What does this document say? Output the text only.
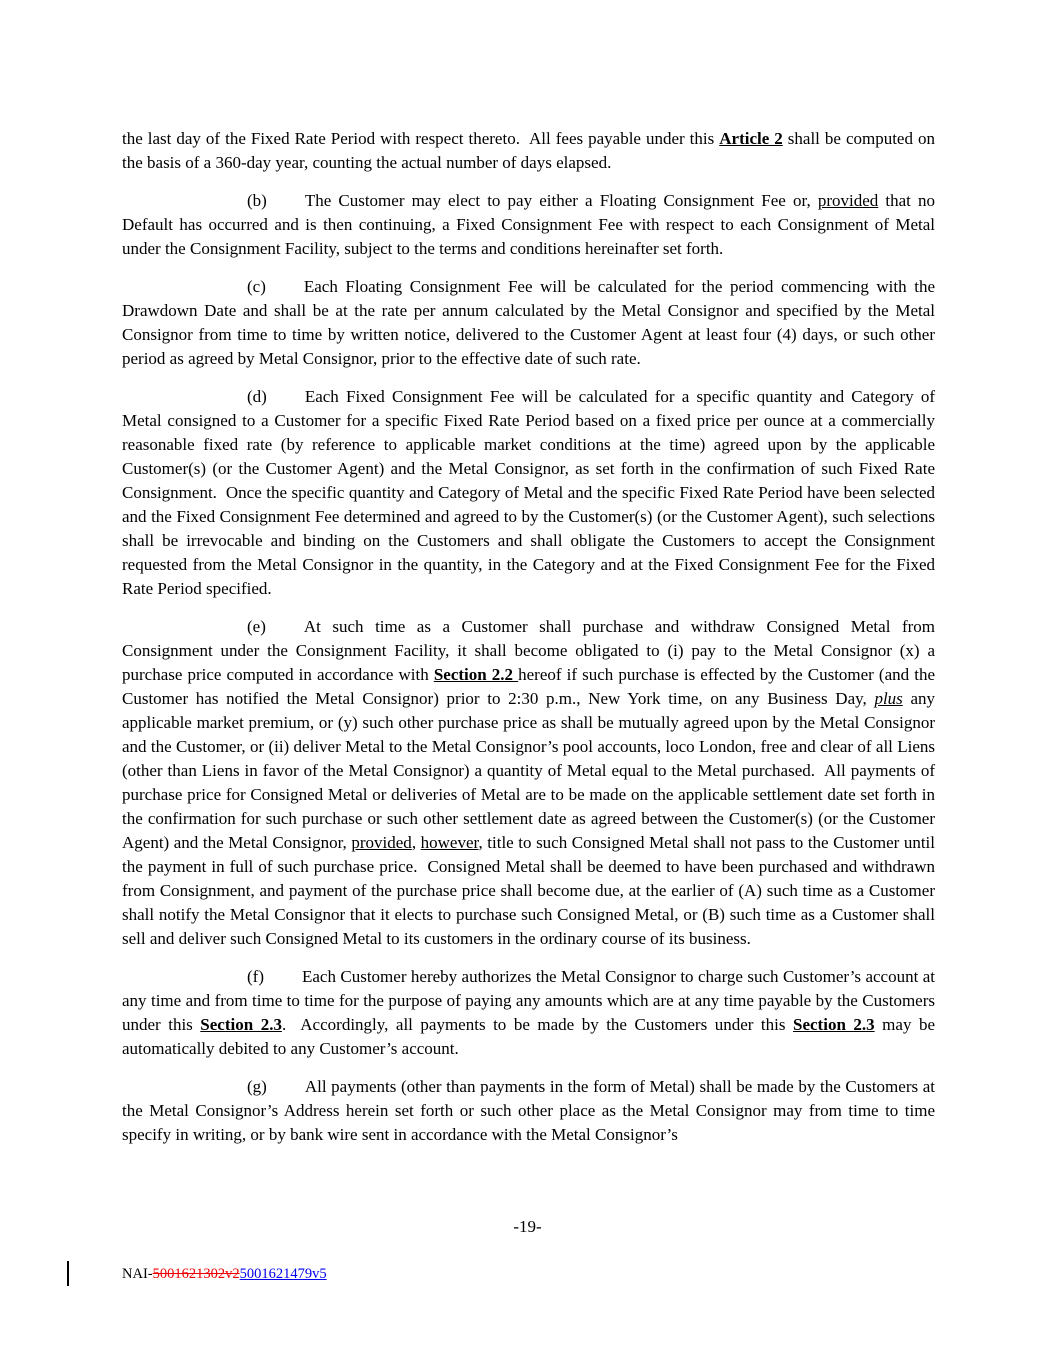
the last day of the Fixed Rate Period with respect thereto.  All fees payable under this Article 2 shall be computed on the basis of a 360-day year, counting the actual number of days elapsed.

(b) The Customer may elect to pay either a Floating Consignment Fee or, provided that no Default has occurred and is then continuing, a Fixed Consignment Fee with respect to each Consignment of Metal under the Consignment Facility, subject to the terms and conditions hereinafter set forth.

(c) Each Floating Consignment Fee will be calculated for the period commencing with the Drawdown Date and shall be at the rate per annum calculated by the Metal Consignor and specified by the Metal Consignor from time to time by written notice, delivered to the Customer Agent at least four (4) days, or such other period as agreed by Metal Consignor, prior to the effective date of such rate.

(d) Each Fixed Consignment Fee will be calculated for a specific quantity and Category of Metal consigned to a Customer for a specific Fixed Rate Period based on a fixed price per ounce at a commercially reasonable fixed rate (by reference to applicable market conditions at the time) agreed upon by the applicable Customer(s) (or the Customer Agent) and the Metal Consignor, as set forth in the confirmation of such Fixed Rate Consignment.  Once the specific quantity and Category of Metal and the specific Fixed Rate Period have been selected and the Fixed Consignment Fee determined and agreed to by the Customer(s) (or the Customer Agent), such selections shall be irrevocable and binding on the Customers and shall obligate the Customers to accept the Consignment requested from the Metal Consignor in the quantity, in the Category and at the Fixed Consignment Fee for the Fixed Rate Period specified.

(e) At such time as a Customer shall purchase and withdraw Consigned Metal from Consignment under the Consignment Facility, it shall become obligated to (i) pay to the Metal Consignor (x) a purchase price computed in accordance with Section 2.2 hereof if such purchase is effected by the Customer (and the Customer has notified the Metal Consignor) prior to 2:30 p.m., New York time, on any Business Day, plus any applicable market premium, or (y) such other purchase price as shall be mutually agreed upon by the Metal Consignor and the Customer, or (ii) deliver Metal to the Metal Consignor’s pool accounts, loco London, free and clear of all Liens (other than Liens in favor of the Metal Consignor) a quantity of Metal equal to the Metal purchased.  All payments of purchase price for Consigned Metal or deliveries of Metal are to be made on the applicable settlement date set forth in the confirmation for such purchase or such other settlement date as agreed between the Customer(s) (or the Customer Agent) and the Metal Consignor, provided, however, title to such Consigned Metal shall not pass to the Customer until the payment in full of such purchase price.  Consigned Metal shall be deemed to have been purchased and withdrawn from Consignment, and payment of the purchase price shall become due, at the earlier of (A) such time as a Customer shall notify the Metal Consignor that it elects to purchase such Consigned Metal, or (B) such time as a Customer shall sell and deliver such Consigned Metal to its customers in the ordinary course of its business.

(f) Each Customer hereby authorizes the Metal Consignor to charge such Customer’s account at any time and from time to time for the purpose of paying any amounts which are at any time payable by the Customers under this Section 2.3.  Accordingly, all payments to be made by the Customers under this Section 2.3 may be automatically debited to any Customer’s account.

(g) All payments (other than payments in the form of Metal) shall be made by the Customers at the Metal Consignor’s Address herein set forth or such other place as the Metal Consignor may from time to time specify in writing, or by bank wire sent in accordance with the Metal Consignor’s

-19-
NAI-5001621302v25001621479v5
